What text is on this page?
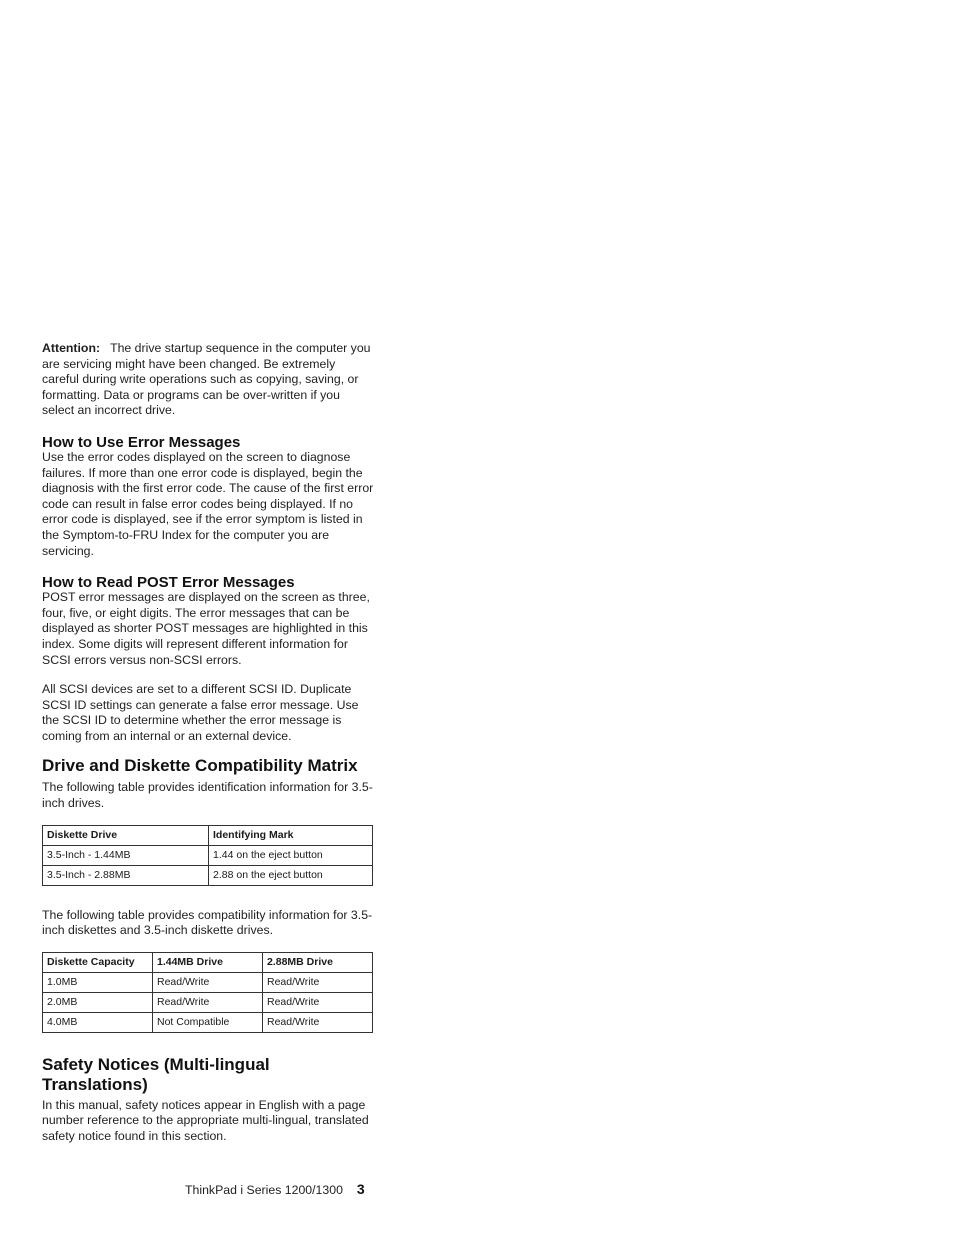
Attention: The drive startup sequence in the computer you are servicing might have been changed. Be extremely careful during write operations such as copying, saving, or formatting. Data or programs can be over-written if you select an incorrect drive.

How to Use Error Messages

Use the error codes displayed on the screen to diagnose failures. If more than one error code is displayed, begin the diagnosis with the first error code. The cause of the first error code can result in false error codes being displayed. If no error code is displayed, see if the error symptom is listed in the Symptom-to-FRU Index for the computer you are servicing.

How to Read POST Error Messages

POST error messages are displayed on the screen as three, four, five, or eight digits. The error messages that can be displayed as shorter POST messages are highlighted in this index. Some digits will represent different information for SCSI errors versus non-SCSI errors.

All SCSI devices are set to a different SCSI ID. Duplicate SCSI ID settings can generate a false error message. Use the SCSI ID to determine whether the error message is coming from an internal or an external device.

Drive and Diskette Compatibility Matrix

The following table provides identification information for 3.5-inch drives.

Diskette Drive	Identifying Mark
3.5-Inch - 1.44MB	1.44 on the eject button
3.5-Inch - 2.88MB	2.88 on the eject button

The following table provides compatibility information for 3.5-inch diskettes and 3.5-inch diskette drives.

Diskette Capacity	1.44MB Drive	2.88MB Drive
1.0MB	Read/Write	Read/Write
2.0MB	Read/Write	Read/Write
4.0MB	Not Compatible	Read/Write
Safety Notices (Multi-lingual Translations)

In this manual, safety notices appear in English with a page number reference to the appropriate multi-lingual, translated safety notice found in this section.

ThinkPad i Series 1200/1300 3
